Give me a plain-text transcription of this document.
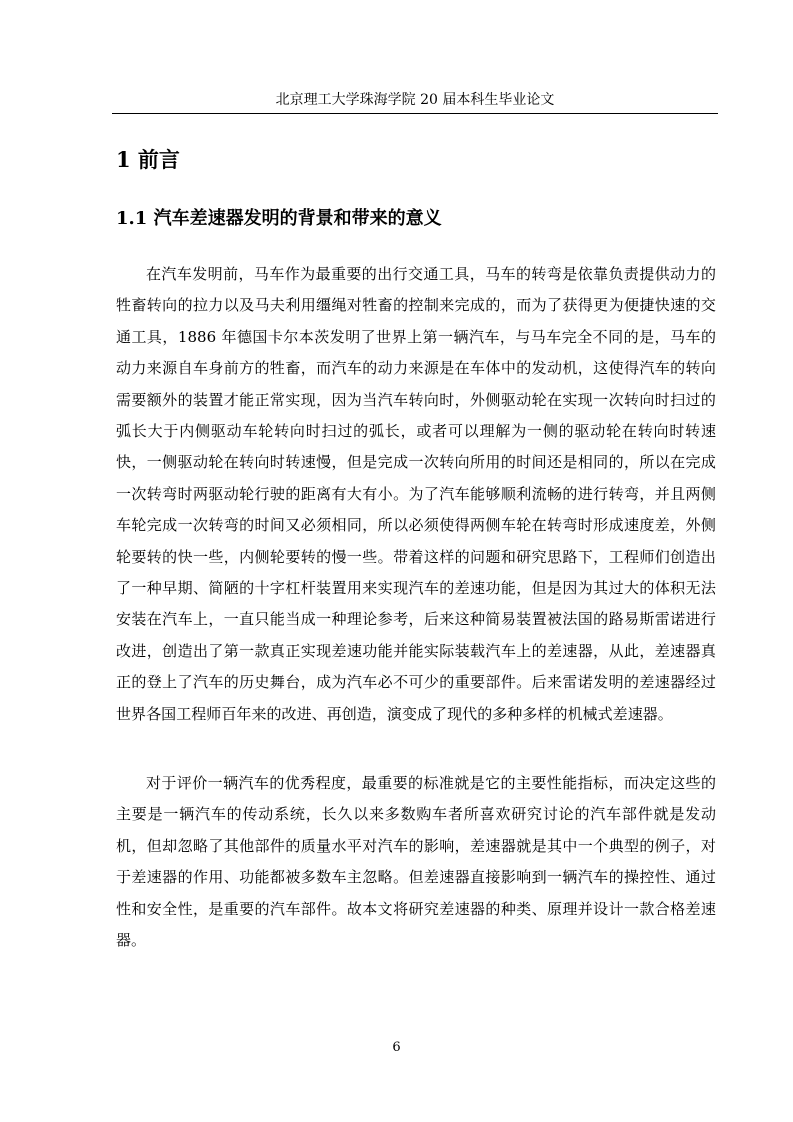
北京理工大学珠海学院 20 届本科生毕业论文
1 前言
1.1 汽车差速器发明的背景和带来的意义

在汽车发明前，马车作为最重要的出行交通工具，马车的转弯是依靠负责提供动力的牲畜转向的拉力以及马夫利用缰绳对牲畜的控制来完成的，而为了获得更为便捷快速的交通工具，1886 年德国卡尔本茨发明了世界上第一辆汽车，与马车完全不同的是，马车的动力来源自车身前方的牲畜，而汽车的动力来源是在车体中的发动机，这使得汽车的转向需要额外的装置才能正常实现，因为当汽车转向时，外侧驱动轮在实现一次转向时扫过的弧长大于内侧驱动车轮转向时扫过的弧长，或者可以理解为一侧的驱动轮在转向时转速快，一侧驱动轮在转向时转速慢，但是完成一次转向所用的时间还是相同的，所以在完成一次转弯时两驱动轮行驶的距离有大有小。为了汽车能够顺利流畅的进行转弯，并且两侧车轮完成一次转弯的时间又必须相同，所以必须使得两侧车轮在转弯时形成速度差，外侧轮要转的快一些，内侧轮要转的慢一些。带着这样的问题和研究思路下，工程师们创造出了一种早期、简陋的十字杠杆装置用来实现汽车的差速功能，但是因为其过大的体积无法安装在汽车上，一直只能当成一种理论参考，后来这种简易装置被法国的路易斯雷诺进行改进，创造出了第一款真正实现差速功能并能实际装载汽车上的差速器，从此，差速器真正的登上了汽车的历史舞台，成为汽车必不可少的重要部件。后来雷诺发明的差速器经过世界各国工程师百年来的改进、再创造，演变成了现代的多种多样的机械式差速器。

对于评价一辆汽车的优秀程度，最重要的标准就是它的主要性能指标，而决定这些的主要是一辆汽车的传动系统，长久以来多数购车者所喜欢研究讨论的汽车部件就是发动机，但却忽略了其他部件的质量水平对汽车的影响，差速器就是其中一个典型的例子，对于差速器的作用、功能都被多数车主忽略。但差速器直接影响到一辆汽车的操控性、通过性和安全性，是重要的汽车部件。故本文将研究差速器的种类、原理并设计一款合格差速器。

6
